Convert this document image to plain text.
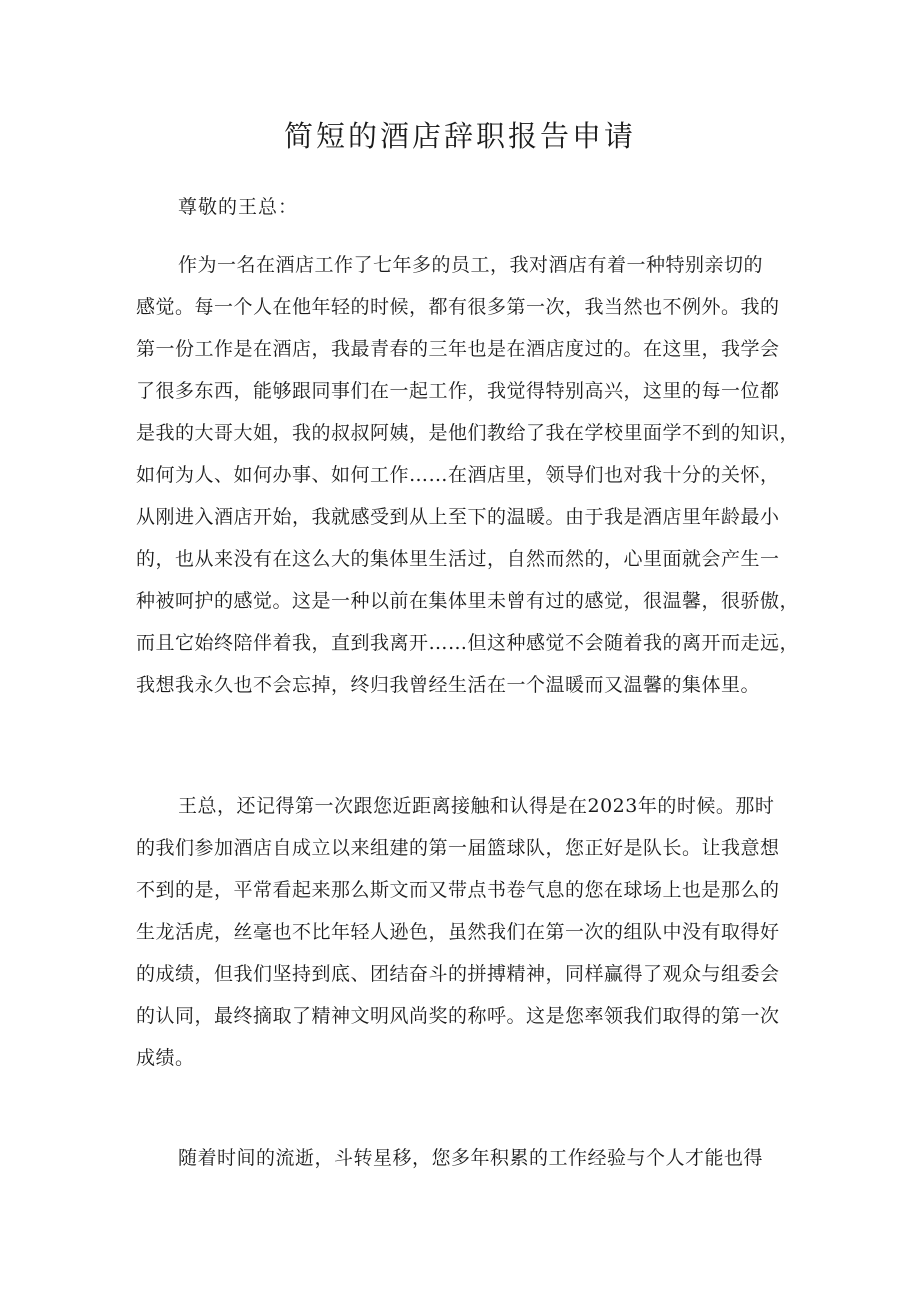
简短的酒店辞职报告申请

尊敬的王总：

作为一名在酒店工作了七年多的员工，我对酒店有着一种特别亲切的
感觉。每一个人在他年轻的时候，都有很多第一次，我当然也不例外。我的
第一份工作是在酒店，我最青春的三年也是在酒店度过的。在这里，我学会
了很多东西，能够跟同事们在一起工作，我觉得特别高兴，这里的每一位都
是我的大哥大姐，我的叔叔阿姨，是他们教给了我在学校里面学不到的知识，
如何为人、如何办事、如何工作……在酒店里，领导们也对我十分的关怀，
从刚进入酒店开始，我就感受到从上至下的温暖。由于我是酒店里年龄最小
的，也从来没有在这么大的集体里生活过，自然而然的，心里面就会产生一
种被呵护的感觉。这是一种以前在集体里未曾有过的感觉，很温馨，很骄傲，
而且它始终陪伴着我，直到我离开……但这种感觉不会随着我的离开而走远，
我想我永久也不会忘掉，终归我曾经生活在一个温暖而又温馨的集体里。
王总，还记得第一次跟您近距离接触和认得是在2023年的时候。那时
的我们参加酒店自成立以来组建的第一届篮球队，您正好是队长。让我意想
不到的是，平常看起来那么斯文而又带点书卷气息的您在球场上也是那么的
生龙活虎，丝毫也不比年轻人逊色，虽然我们在第一次的组队中没有取得好
的成绩，但我们坚持到底、团结奋斗的拼搏精神，同样赢得了观众与组委会
的认同，最终摘取了精神文明风尚奖的称呼。这是您率领我们取得的第一次
成绩。
随着时间的流逝，斗转星移，您多年积累的工作经验与个人才能也得
